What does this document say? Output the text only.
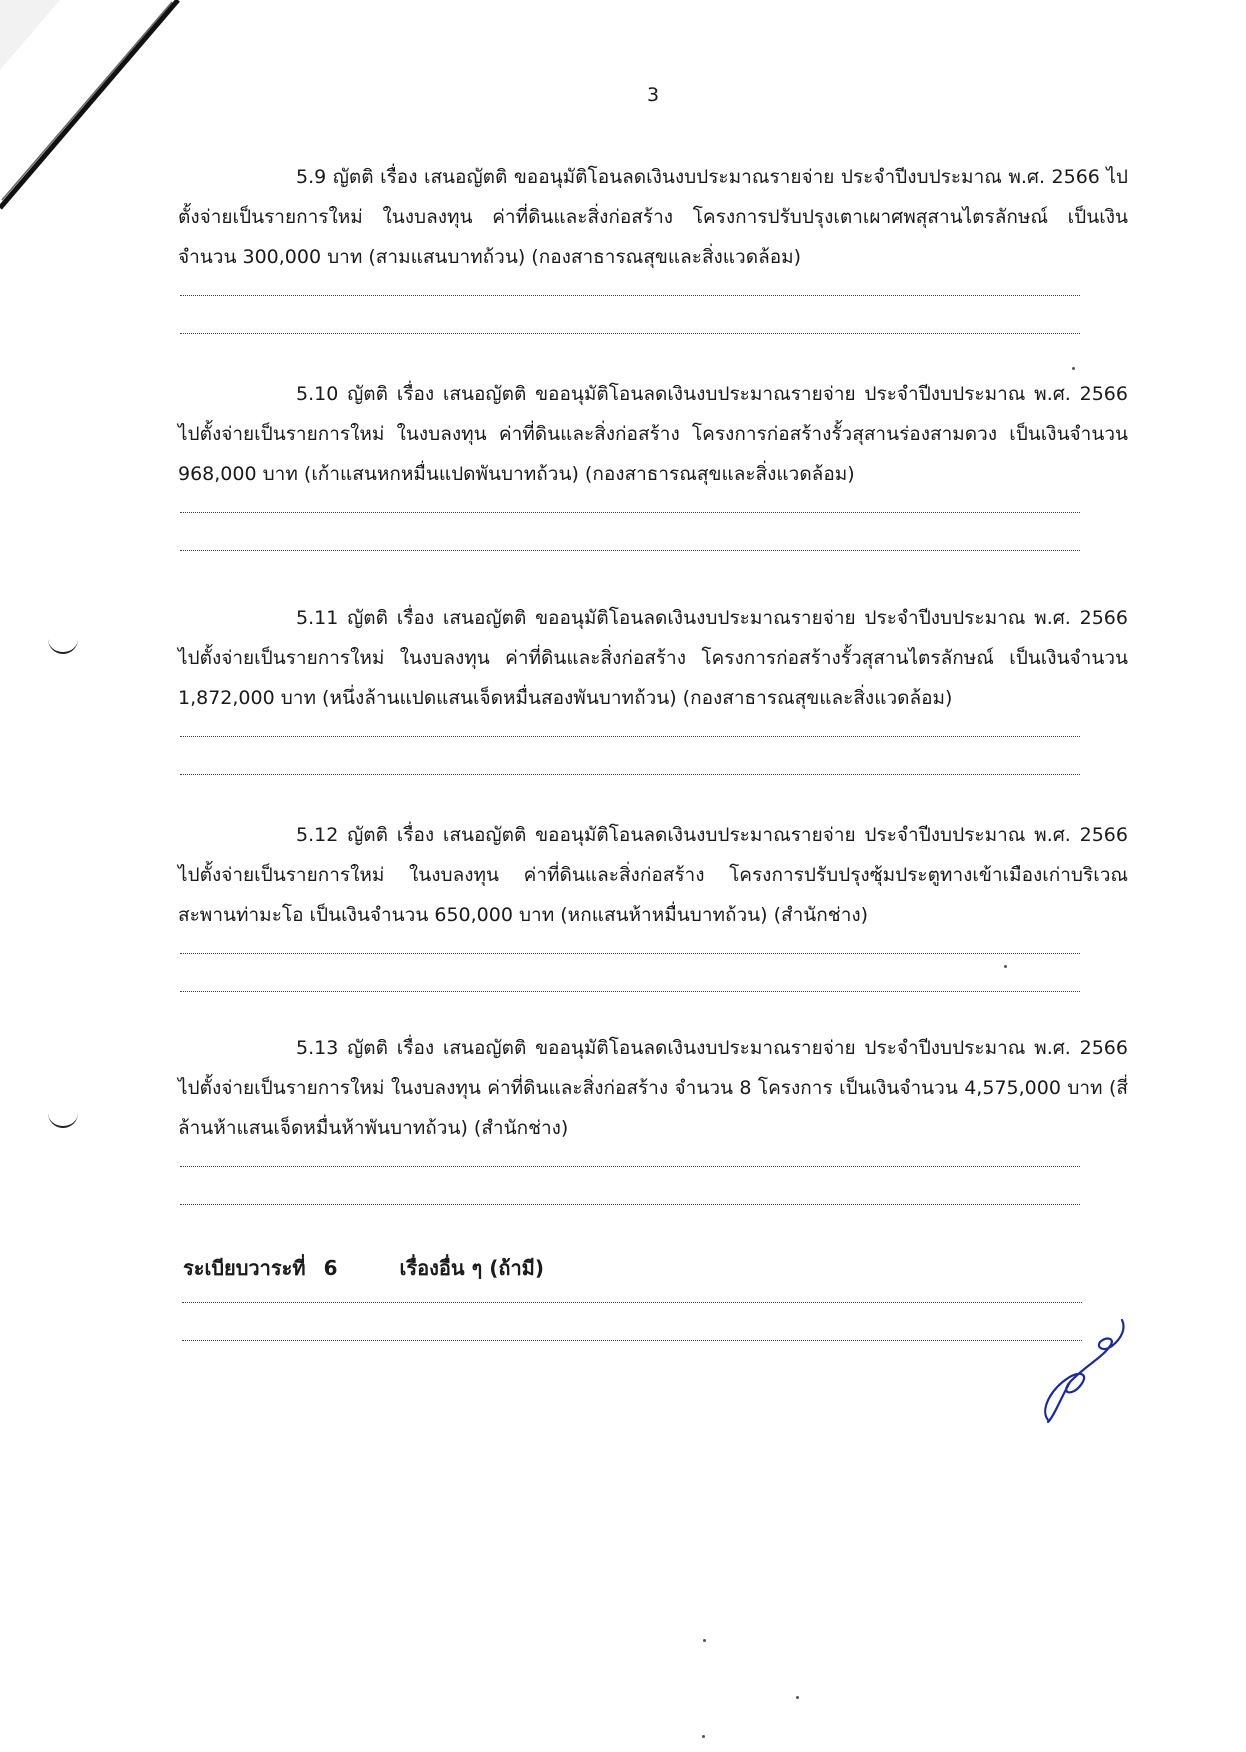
3
5.9 ญัตติ เรื่อง เสนอญัตติ ขออนุมัติโอนลดเงินงบประมาณรายจ่าย ประจำปีงบประมาณ พ.ศ. 2566 ไปตั้งจ่ายเป็นรายการใหม่ ในงบลงทุน ค่าที่ดินและสิ่งก่อสร้าง โครงการปรับปรุงเตาเผาศพสุสานไตรลักษณ์ เป็นเงินจำนวน 300,000 บาท (สามแสนบาทถ้วน) (กองสาธารณสุขและสิ่งแวดล้อม)
5.10 ญัตติ เรื่อง เสนอญัตติ ขออนุมัติโอนลดเงินงบประมาณรายจ่าย ประจำปีงบประมาณ พ.ศ. 2566 ไปตั้งจ่ายเป็นรายการใหม่ ในงบลงทุน ค่าที่ดินและสิ่งก่อสร้าง โครงการก่อสร้างรั้วสุสานร่องสามดวง เป็นเงินจำนวน 968,000 บาท (เก้าแสนหกหมื่นแปดพันบาทถ้วน) (กองสาธารณสุขและสิ่งแวดล้อม)
5.11 ญัตติ เรื่อง เสนอญัตติ ขออนุมัติโอนลดเงินงบประมาณรายจ่าย ประจำปีงบประมาณ พ.ศ. 2566 ไปตั้งจ่ายเป็นรายการใหม่ ในงบลงทุน ค่าที่ดินและสิ่งก่อสร้าง โครงการก่อสร้างรั้วสุสานไตรลักษณ์ เป็นเงินจำนวน 1,872,000 บาท (หนึ่งล้านแปดแสนเจ็ดหมื่นสองพันบาทถ้วน) (กองสาธารณสุขและสิ่งแวดล้อม)
5.12 ญัตติ เรื่อง เสนอญัตติ ขออนุมัติโอนลดเงินงบประมาณรายจ่าย ประจำปีงบประมาณ พ.ศ. 2566 ไปตั้งจ่ายเป็นรายการใหม่ ในงบลงทุน ค่าที่ดินและสิ่งก่อสร้าง โครงการปรับปรุงซุ้มประตูทางเข้าเมืองเก่าบริเวณสะพานท่ามะโอ เป็นเงินจำนวน 650,000 บาท (หกแสนห้าหมื่นบาทถ้วน) (สำนักช่าง)
5.13 ญัตติ เรื่อง เสนอญัตติ ขออนุมัติโอนลดเงินงบประมาณรายจ่าย ประจำปีงบประมาณ พ.ศ. 2566 ไปตั้งจ่ายเป็นรายการใหม่ ในงบลงทุน ค่าที่ดินและสิ่งก่อสร้าง จำนวน 8 โครงการ เป็นเงินจำนวน 4,575,000 บาท (สี่ล้านห้าแสนเจ็ดหมื่นห้าพันบาทถ้วน) (สำนักช่าง)
ระเบียบวาระที่ 6	เรื่องอื่น ๆ (ถ้ามี)
